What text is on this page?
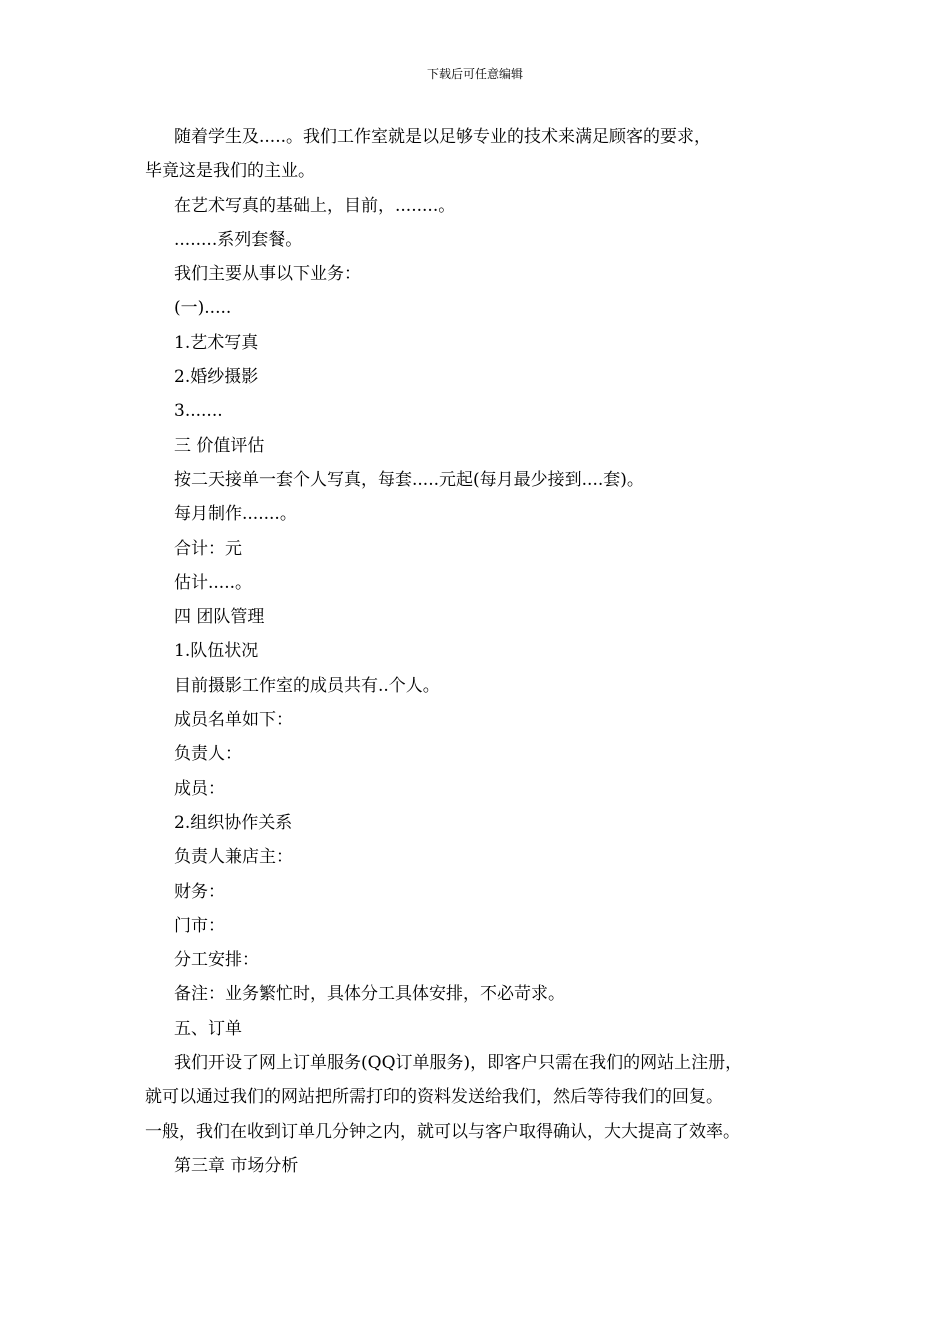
下载后可任意编辑

随着学生及.....。我们工作室就是以足够专业的技术来满足顾客的要求，

毕竟这是我们的主业。

在艺术写真的基础上，目前，........。

........系列套餐。

我们主要从事以下业务：

(一).....

1.艺术写真

2.婚纱摄影

3.......

三 价值评估

按二天接单一套个人写真，每套.....元起(每月最少接到....套)。

每月制作.......。

合计：元

估计.....。

四 团队管理

1.队伍状况

目前摄影工作室的成员共有..个人。

成员名单如下：

负责人：

成员：

2.组织协作关系

负责人兼店主：

财务：

门市：

分工安排：

备注：业务繁忙时，具体分工具体安排，不必苛求。

五、订单

我们开设了网上订单服务(QQ订单服务)，即客户只需在我们的网站上注册，

就可以通过我们的网站把所需打印的资料发送给我们，然后等待我们的回复。

一般，我们在收到订单几分钟之内，就可以与客户取得确认，大大提高了效率。

第三章 市场分析
